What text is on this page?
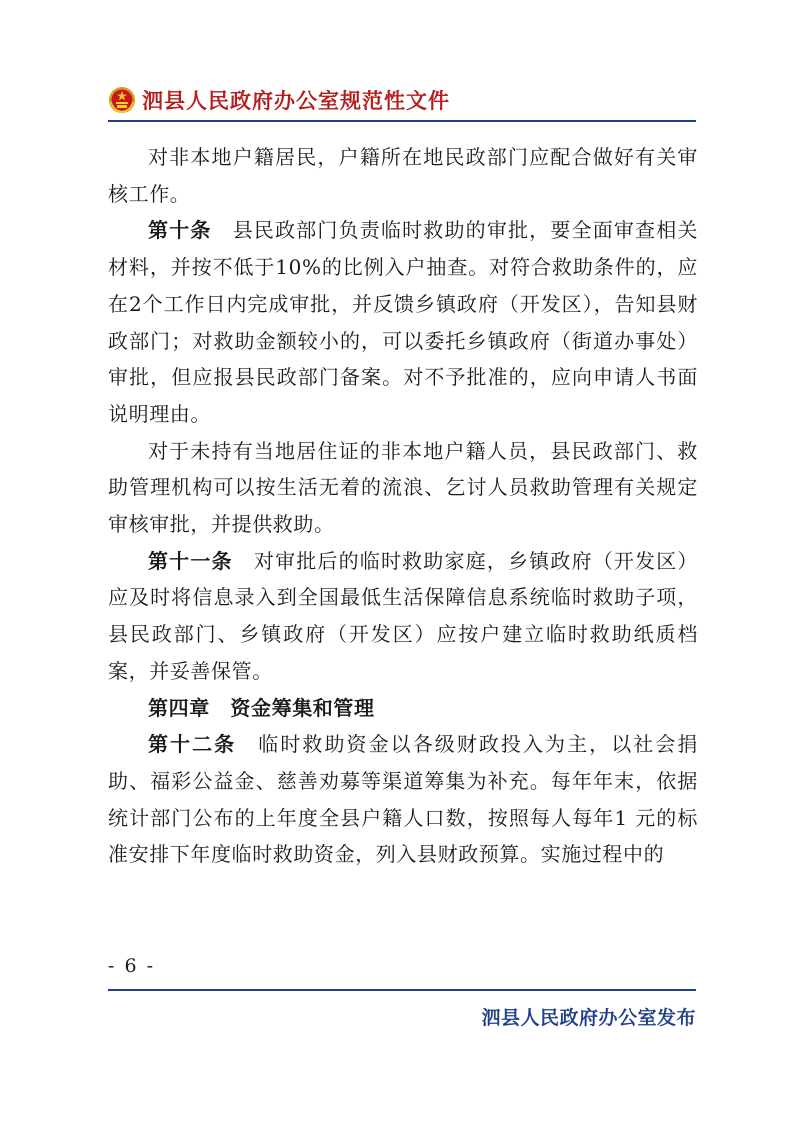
泗县人民政府办公室规范性文件

对非本地户籍居民，户籍所在地民政部门应配合做好有关审核工作。

第十条　 县民政部门负责临时救助的审批，要全面审查相关材料，并按不低于10%的比例入户抽查。对符合救助条件的，应在2个工作日内完成审批，并反馈乡镇政府（开发区），告知县财政部门；对救助金额较小的，可以委托乡镇政府（街道办事处）审批，但应报县民政部门备案。对不予批准的，应向申请人书面说明理由。

对于未持有当地居住证的非本地户籍人员，县民政部门、救助管理机构可以按生活无着的流浪、乞讨人员救助管理有关规定审核审批，并提供救助。

第十一条　 对审批后的临时救助家庭，乡镇政府（开发区）应及时将信息录入到全国最低生活保障信息系统临时救助子项，县民政部门、乡镇政府（开发区）应按户建立临时救助纸质档案，并妥善保管。

第四章　资金筹集和管理

第十二条　 临时救助资金以各级财政投入为主，以社会捐助、福彩公益金、慈善劝募等渠道筹集为补充。每年年末，依据统计部门公布的上年度全县户籍人口数，按照每人每年1 元的标准安排下年度临时救助资金，列入县财政预算。实施过程中的

- 6 -
泗县人民政府办公室发布
